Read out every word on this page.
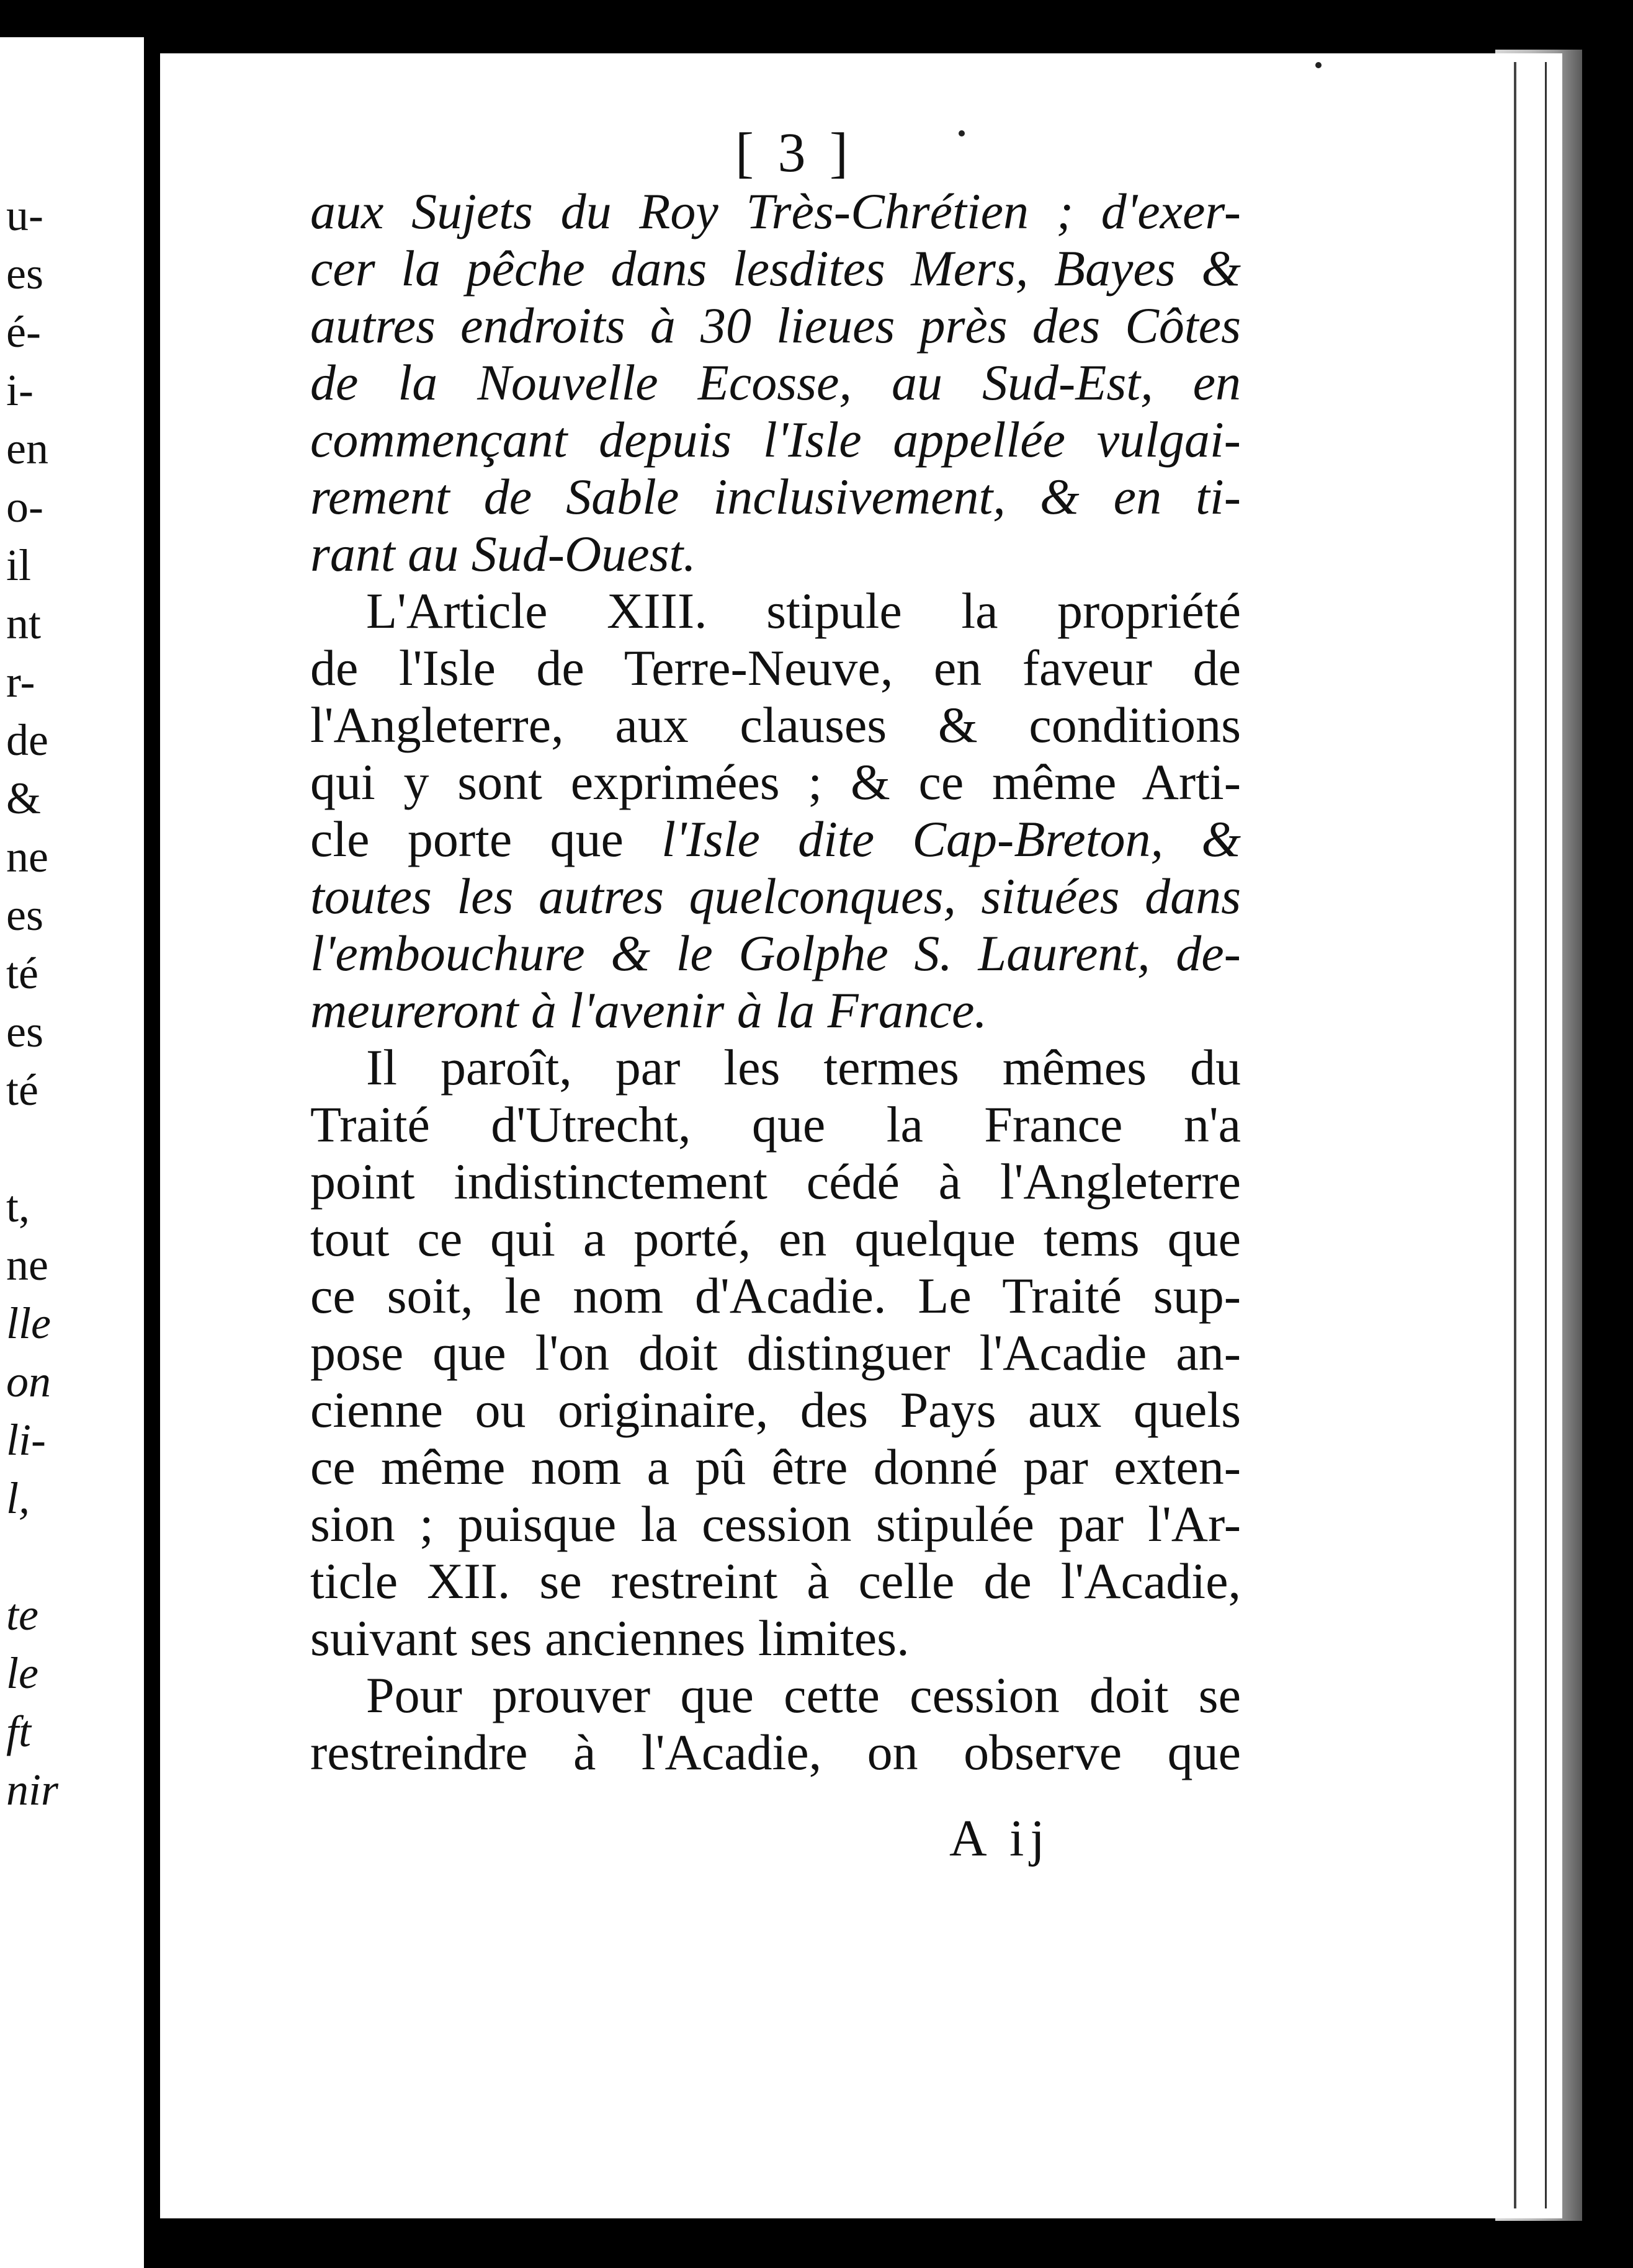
u-
es
é-
i-
en
o-
il
nt
r-
de
&
ne
es
té
es
té
t,
ne
lle
on
li-
l,
te
le
ft
nir
[ 3 ]
aux Sujets du Roy Très-Chrétien ; d'exer-
cer la pêche dans lesdites Mers, Bayes &
autres endroits à 30 lieues près des Côtes
de la Nouvelle Ecosse, au Sud-Est, en
commençant depuis l'Isle appellée vulgai-
rement de Sable inclusivement, & en ti-
rant au Sud-Ouest.
L'Article XIII. stipule la propriété
de l'Isle de Terre-Neuve, en faveur de
l'Angleterre, aux clauses & conditions
qui y sont exprimées ; & ce même Arti-
cle porte que l'Isle dite Cap-Breton, &
toutes les autres quelconques, situées dans
l'embouchure & le Golphe S. Laurent, de-
meureront à l'avenir à la France.
Il paroît, par les termes mêmes du
Traité d'Utrecht, que la France n'a
point indistinctement cédé à l'Angleterre
tout ce qui a porté, en quelque tems que
ce soit, le nom d'Acadie. Le Traité sup-
pose que l'on doit distinguer l'Acadie an-
cienne ou originaire, des Pays aux quels
ce même nom a pû être donné par exten-
sion ; puisque la cession stipulée par l'Ar-
ticle XII. se restreint à celle de l'Acadie,
suivant ses anciennes limites.
Pour prouver que cette cession doit se
restreindre à l'Acadie, on observe que
A ij
